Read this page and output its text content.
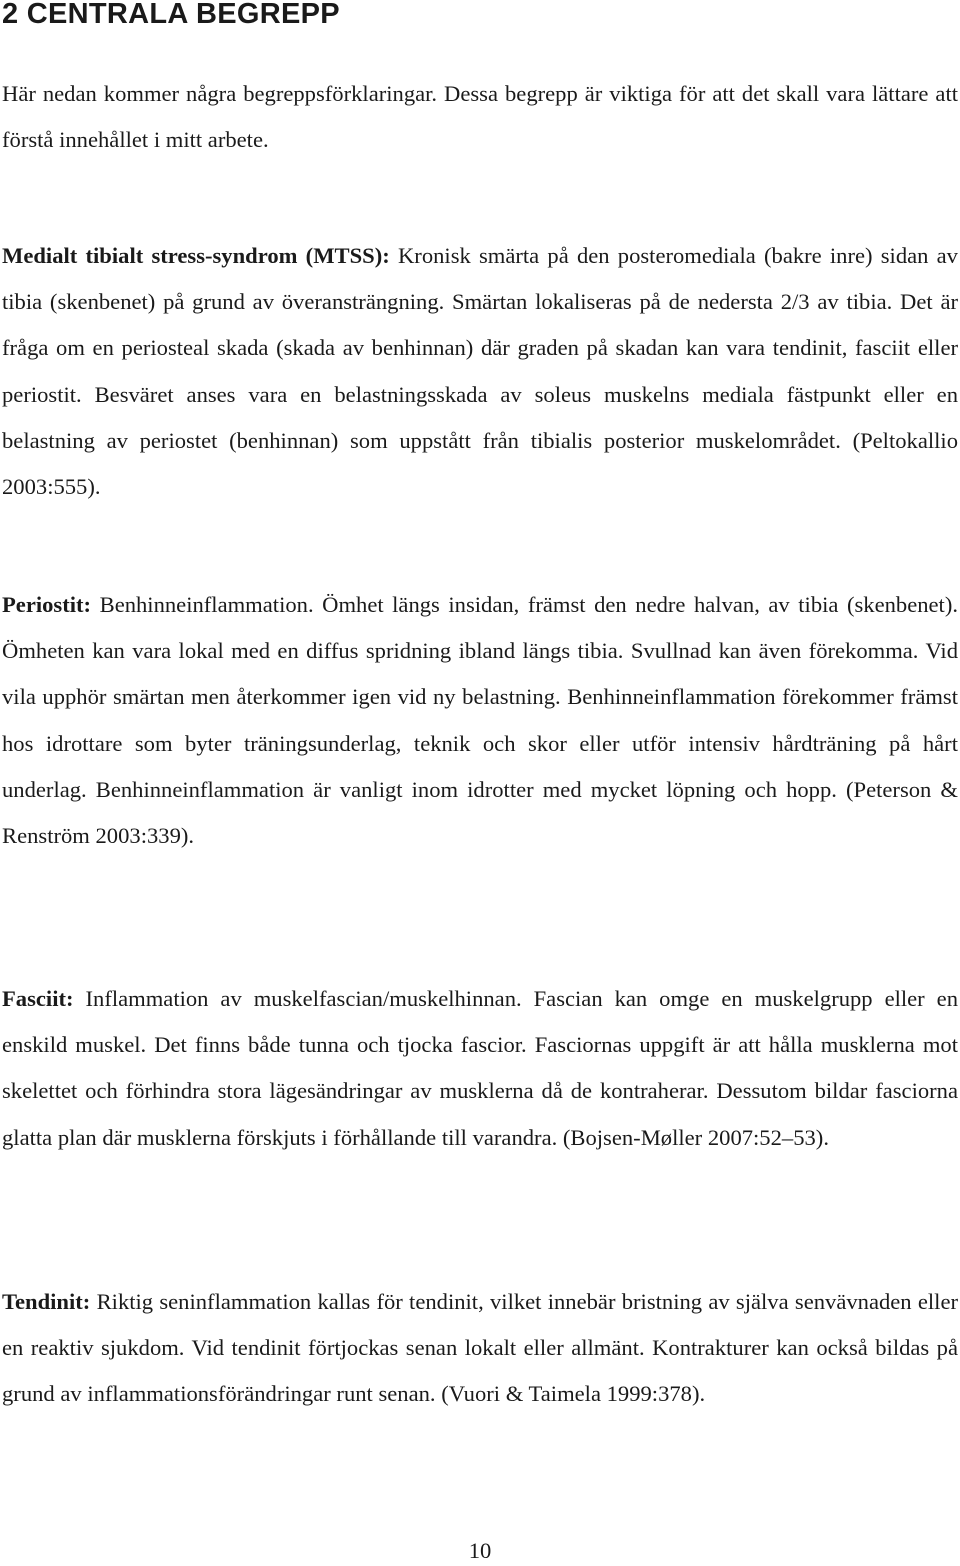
2 CENTRALA BEGREPP

Här nedan kommer några begreppsförklaringar. Dessa begrepp är viktiga för att det skall vara lättare att förstå innehållet i mitt arbete.

Medialt tibialt stress-syndrom (MTSS): Kronisk smärta på den posteromediala (bakre inre) sidan av tibia (skenbenet) på grund av överansträngning. Smärtan lokaliseras på de nedersta 2/3 av tibia. Det är fråga om en periosteal skada (skada av benhinnan) där graden på skadan kan vara tendinit, fasciit eller periostit. Besväret anses vara en belastningsskada av soleus muskelns mediala fästpunkt eller en belastning av periostet (benhinnan) som uppstått från tibialis posterior muskelområdet. (Peltokallio 2003:555).

Periostit: Benhinneinflammation. Ömhet längs insidan, främst den nedre halvan, av tibia (skenbenet). Ömheten kan vara lokal med en diffus spridning ibland längs tibia. Svullnad kan även förekomma. Vid vila upphör smärtan men återkommer igen vid ny belastning. Benhinneinflammation förekommer främst hos idrottare som byter träningsunderlag, teknik och skor eller utför intensiv hårdträning på hårt underlag. Benhinneinflammation är vanligt inom idrotter med mycket löpning och hopp. (Peterson & Renström 2003:339).

Fasciit: Inflammation av muskelfascian/muskelhinnan. Fascian kan omge en muskelgrupp eller en enskild muskel. Det finns både tunna och tjocka fascior. Fasciornas uppgift är att hålla musklerna mot skelettet och förhindra stora lägesändringar av musklerna då de kontraherar. Dessutom bildar fasciorna glatta plan där musklerna förskjuts i förhållande till varandra. (Bojsen-Møller 2007:52–53).

Tendinit: Riktig seninflammation kallas för tendinit, vilket innebär bristning av själva senvävnaden eller en reaktiv sjukdom. Vid tendinit förtjockas senan lokalt eller allmänt. Kontrakturer kan också bildas på grund av inflammationsförändringar runt senan. (Vuori & Taimela 1999:378).

10
